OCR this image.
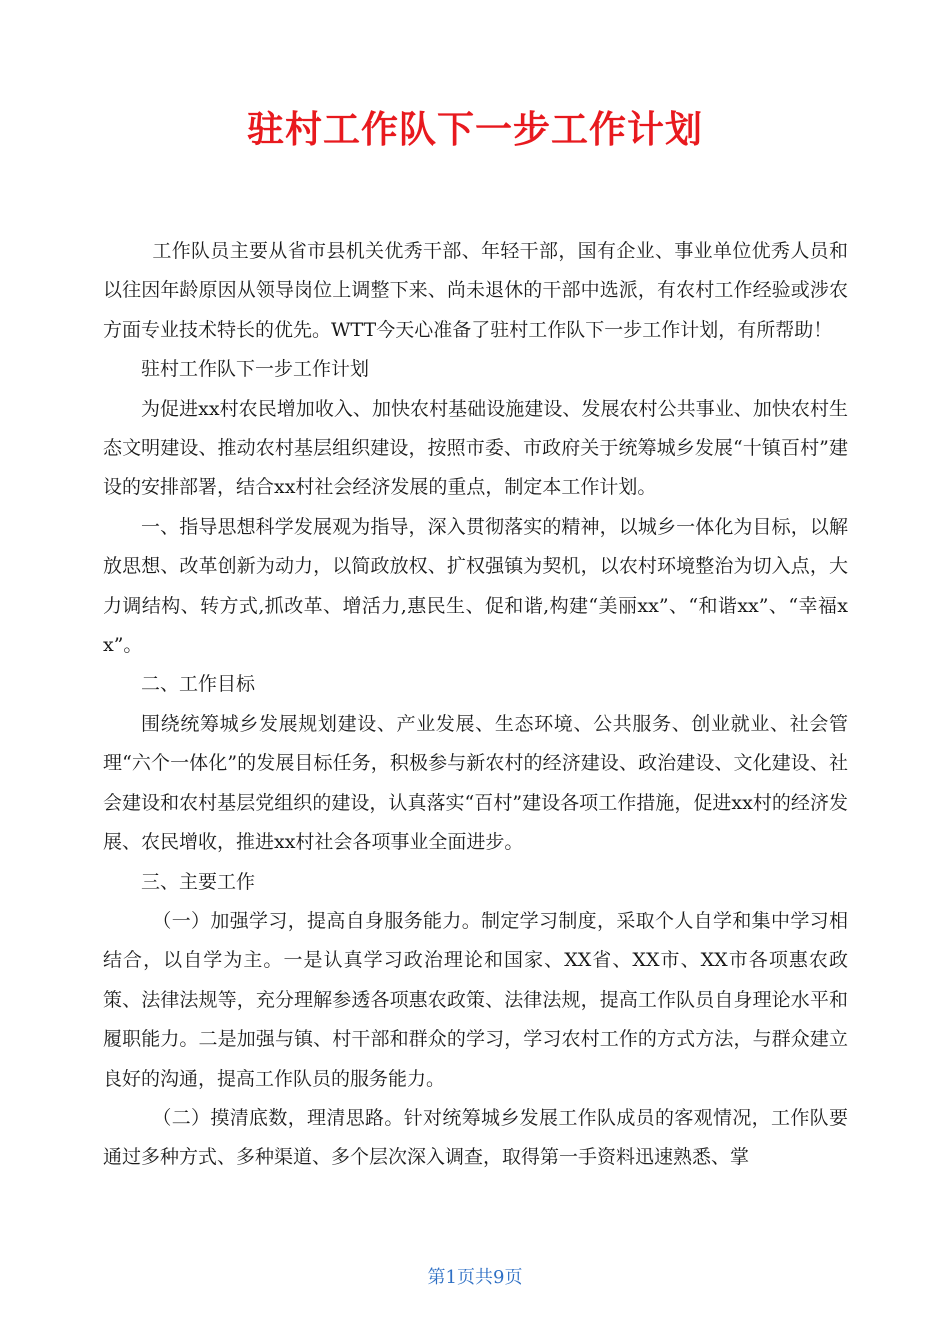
驻村工作队下一步工作计划

工作队员主要从省市县机关优秀干部、年轻干部，国有企业、事业单位优秀人员和以往因年龄原因从领导岗位上调整下来、尚未退休的干部中选派，有农村工作经验或涉农方面专业技术特长的优先。WTT今天心准备了驻村工作队下一步工作计划，有所帮助！

驻村工作队下一步工作计划

为促进xx村农民增加收入、加快农村基础设施建设、发展农村公共事业、加快农村生态文明建设、推动农村基层组织建设，按照市委、市政府关于统筹城乡发展“十镇百村”建设的安排部署，结合xx村社会经济发展的重点，制定本工作计划。

一、指导思想科学发展观为指导，深入贯彻落实的精神，以城乡一体化为目标，以解放思想、改革创新为动力，以简政放权、扩权强镇为契机，以农村环境整治为切入点，大力调结构、转方式,抓改革、增活力,惠民生、促和谐,构建“美丽xx”、“和谐xx”、“幸福xx”。

二、工作目标

围绕统筹城乡发展规划建设、产业发展、生态环境、公共服务、创业就业、社会管理“六个一体化”的发展目标任务，积极参与新农村的经济建设、政治建设、文化建设、社会建设和农村基层党组织的建设，认真落实“百村”建设各项工作措施，促进xx村的经济发展、农民增收，推进xx村社会各项事业全面进步。

三、主要工作

（一）加强学习，提高自身服务能力。制定学习制度，采取个人自学和集中学习相结合，以自学为主。一是认真学习政治理论和国家、XX省、XX市、XX市各项惠农政策、法律法规等，充分理解参透各项惠农政策、法律法规，提高工作队员自身理论水平和履职能力。二是加强与镇、村干部和群众的学习，学习农村工作的方式方法，与群众建立良好的沟通，提高工作队员的服务能力。

（二）摸清底数，理清思路。针对统筹城乡发展工作队成员的客观情况，工作队要通过多种方式、多种渠道、多个层次深入调查，取得第一手资料迅速熟悉、掌

第1页共9页
